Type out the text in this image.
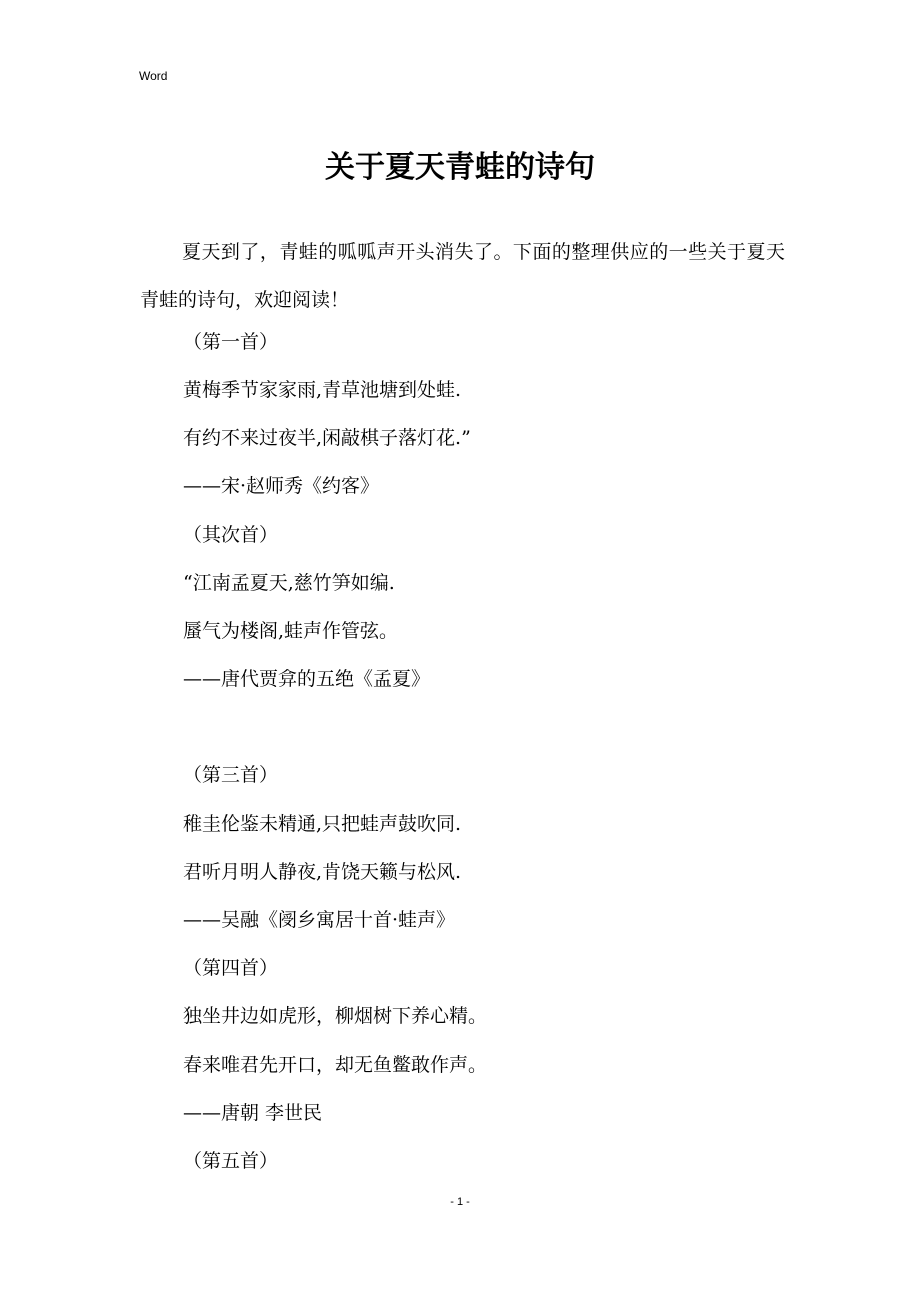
Word
关于夏天青蛙的诗句

夏天到了，青蛙的呱呱声开头消失了。下面的整理供应的一些关于夏天青蛙的诗句，欢迎阅读！

（第一首）

黄梅季节家家雨,青草池塘到处蛙.

有约不来过夜半,闲敲棋子落灯花.”

——宋·赵师秀《约客》

（其次首）

“江南孟夏天,慈竹笋如编.

蜃气为楼阁,蛙声作管弦。

——唐代贾弇的五绝《孟夏》

（第三首）

稚圭伦鉴未精通,只把蛙声鼓吹同.

君听月明人静夜,肯饶天籁与松风.

——吴融《阌乡寓居十首·蛙声》

（第四首）

独坐井边如虎形，柳烟树下养心精。

春来唯君先开口，却无鱼鳖敢作声。

——唐朝 李世民

（第五首）

- 1 -
